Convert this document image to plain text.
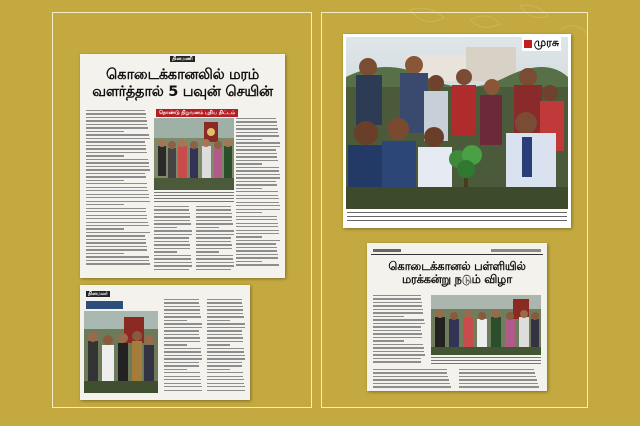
தினமணி
கொடைக்கானலில் மரம் வளர்த்தால் 5 பவுன் செயின்
தொண்டு நிறுவனம் புதிய திட்டம்
தினமலர்

முரசு
கொடைக்கானல் பள்ளியில் மரக்கன்று நடும் விழா
